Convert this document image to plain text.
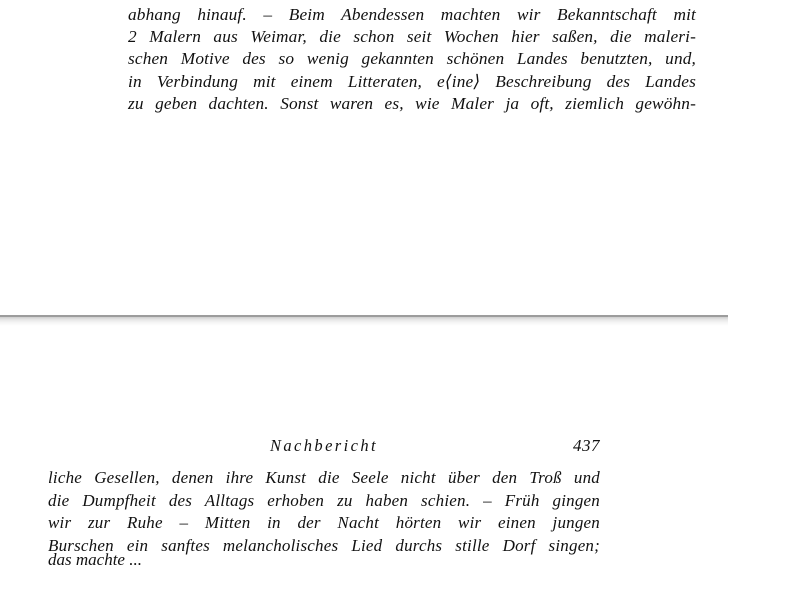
abhang hinauf. – Beim Abendessen machten wir Bekanntschaft mit
2 Malern aus Weimar, die schon seit Wochen hier saßen, die maleri-
schen Motive des so wenig gekannten schönen Landes benutzten, und,
in Verbindung mit einem Litteraten, e⟨ine⟩ Beschreibung des Landes
zu geben dachten. Sonst waren es, wie Maler ja oft, ziemlich gewöhn-
Nachbericht	437
liche Gesellen, denen ihre Kunst die Seele nicht über den Troß und
die Dumpfheit des Alltags erhoben zu haben schien. – Früh gingen
wir zur Ruhe – Mitten in der Nacht hörten wir einen jungen
Burschen ein sanftes melancholisches Lied durchs stille Dorf singen;
das machte ...
